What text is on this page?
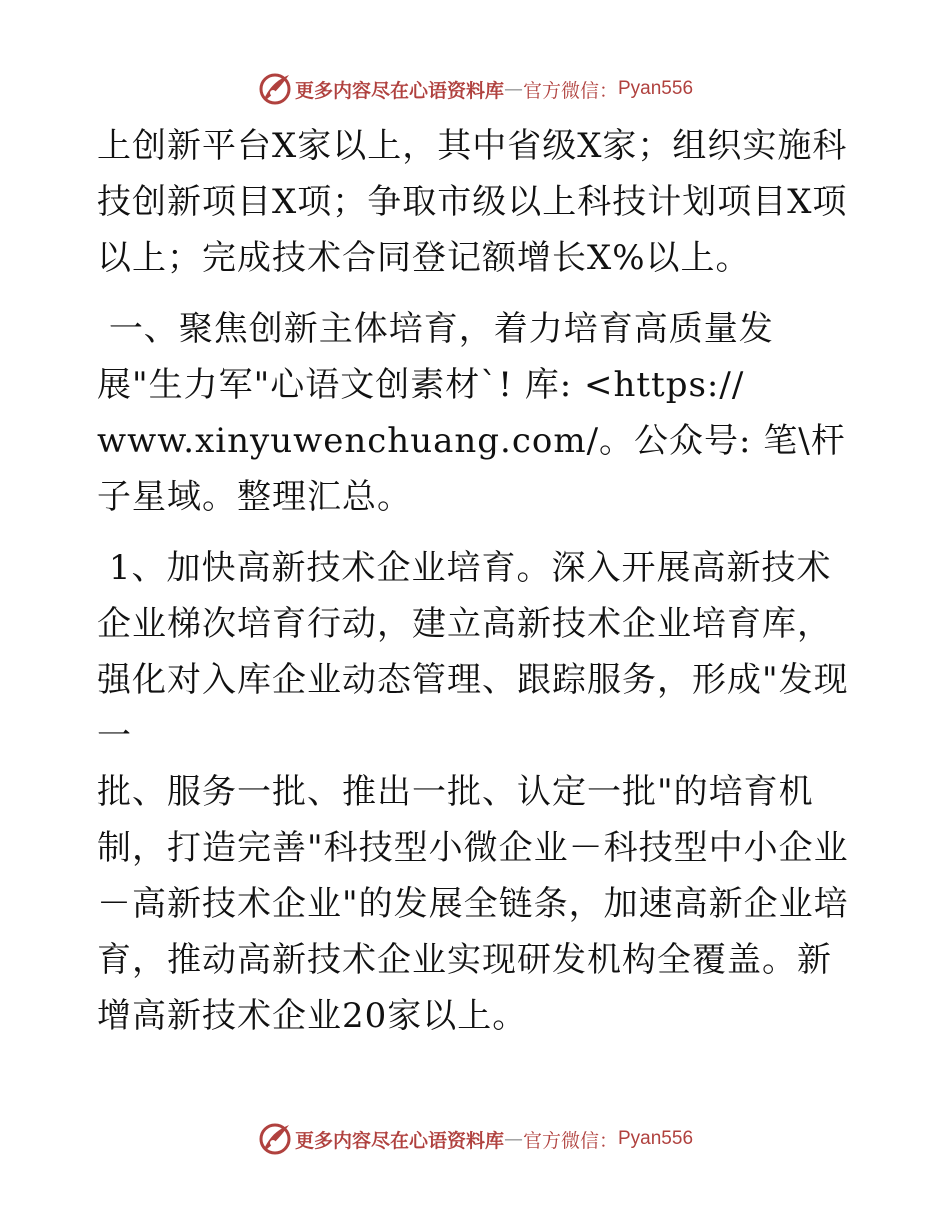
更多内容尽在心语资料库 — 官方微信： Pyan556

上创新平台X家以上，其中省级X家；组织实施科技创新项目X项；争取市级以上科技计划项目X项以上；完成技术合同登记额增长X%以上。

一、聚焦创新主体培育，着力培育高质量发展"生力军"心语文创素材`! 库: <https://
www.xinyuwenchuang.com/。公众号: 笔\杆子星域。整理汇总。

1、加快高新技术企业培育。深入开展高新技术企业梯次培育行动，建立高新技术企业培育库，强化对入库企业动态管理、跟踪服务，形成"发现一
批、服务一批、推出一批、认定一批"的培育机
制，打造完善"科技型小微企业－科技型中小企业－高新技术企业"的发展全链条，加速高新企业培育，推动高新技术企业实现研发机构全覆盖。新增高新技术企业20家以上。

更多内容尽在心语资料库 — 官方微信： Pyan556
